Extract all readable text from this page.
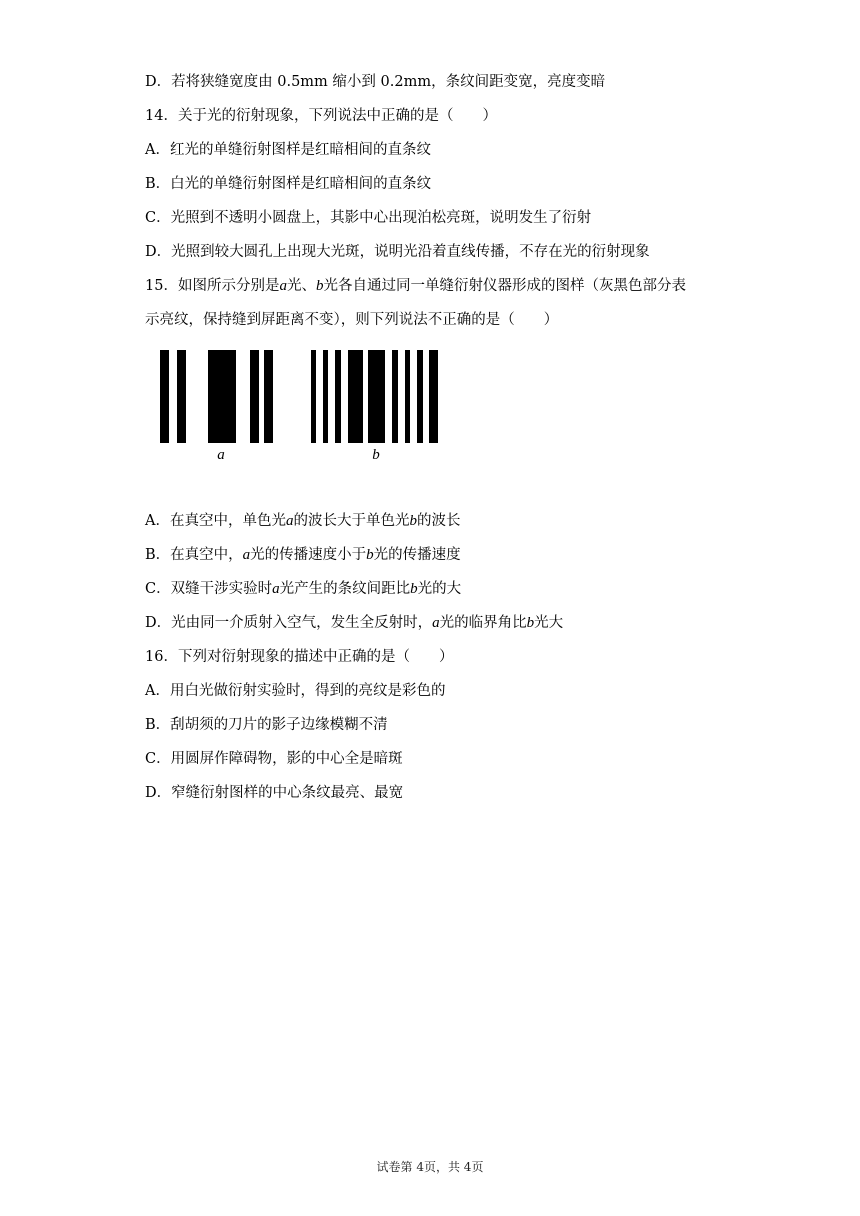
D．若将狭缝宽度由 0.5mm 缩小到 0.2mm，条纹间距变宽，亮度变暗
14．关于光的衍射现象，下列说法中正确的是（　　）
A．红光的单缝衍射图样是红暗相间的直条纹
B．白光的单缝衍射图样是红暗相间的直条纹
C．光照到不透明小圆盘上，其影中心出现泊松亮斑，说明发生了衍射
D．光照到较大圆孔上出现大光斑，说明光沿着直线传播，不存在光的衍射现象
15．如图所示分别是a光、b光各自通过同一单缝衍射仪器形成的图样（灰黑色部分表
示亮纹，保持缝到屏距离不变），则下列说法不正确的是（　　）
a	b
A．在真空中，单色光a的波长大于单色光b的波长
B．在真空中，a光的传播速度小于b光的传播速度
C．双缝干涉实验时a光产生的条纹间距比b光的大
D．光由同一介质射入空气，发生全反射时，a光的临界角比b光大
16．下列对衍射现象的描述中正确的是（　　）
A．用白光做衍射实验时，得到的亮纹是彩色的
B．刮胡须的刀片的影子边缘模糊不清
C．用圆屏作障碍物，影的中心全是暗斑
D．窄缝衍射图样的中心条纹最亮、最宽
试卷第 4页，共 4页
